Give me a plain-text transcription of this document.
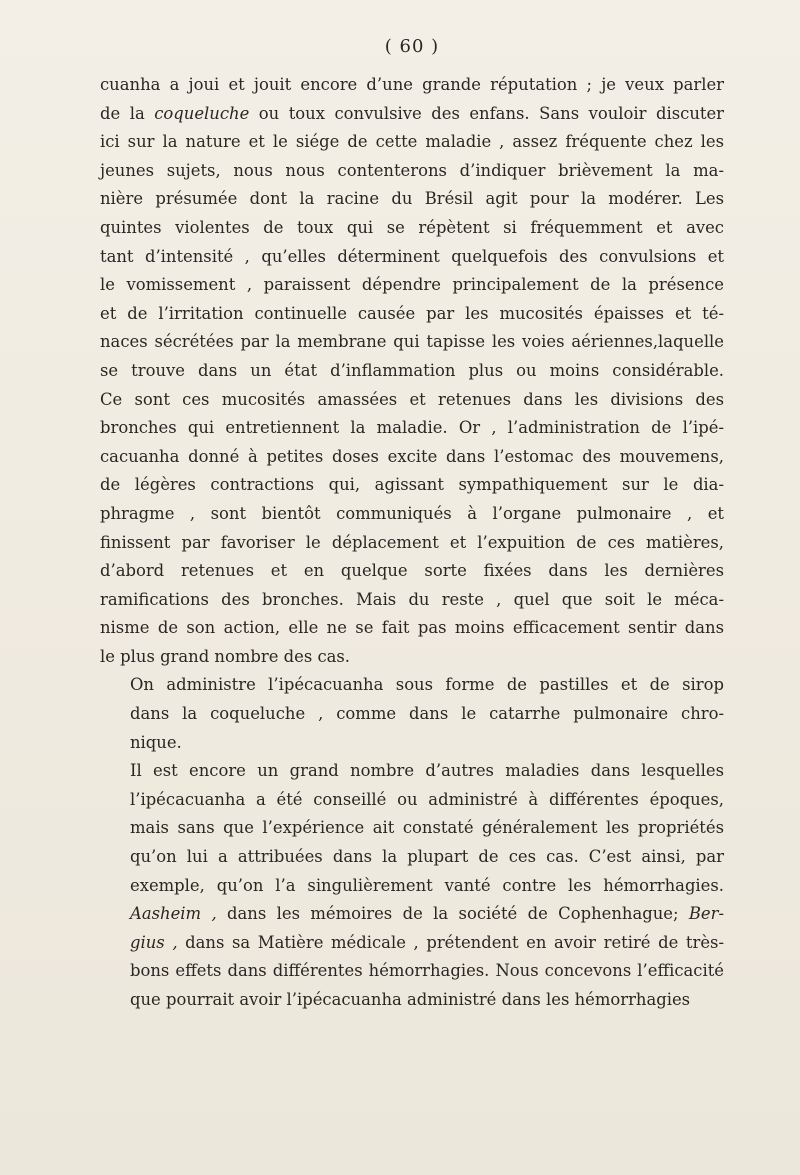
( 60 )

cuanha a joui et jouit encore d’une grande réputation ; je veux parler
de la coqueluche ou toux convulsive des enfans. Sans vouloir discuter
ici sur la nature et le siége de cette maladie , assez fréquente chez les
jeunes sujets, nous nous contenterons d’indiquer brièvement la ma-
nière présumée dont la racine du Brésil agit pour la modérer. Les
quintes violentes de toux qui se répètent si fréquemment et avec
tant d’intensité , qu’elles déterminent quelquefois des convulsions et
le vomissement , paraissent dépendre principalement de la présence
et de l’irritation continuelle causée par les mucosités épaisses et té-
naces sécrétées par la membrane qui tapisse les voies aériennes,laquelle
se trouve dans un état d’inflammation plus ou moins considérable.
Ce sont ces mucosités amassées et retenues dans les divisions des
bronches qui entretiennent la maladie. Or , l’administration de l’ipé-
cacuanha donné à petites doses excite dans l’estomac des mouvemens,
de légères contractions qui, agissant sympathiquement sur le dia-
phragme , sont bientôt communiqués à l’organe pulmonaire , et
finissent par favoriser le déplacement et l’expuition de ces matières,
d’abord retenues et en quelque sorte fixées dans les dernières
ramifications des bronches. Mais du reste , quel que soit le méca-
nisme de son action, elle ne se fait pas moins efficacement sentir dans
le plus grand nombre des cas.

On administre l’ipécacuanha sous forme de pastilles et de sirop
dans la coqueluche , comme dans le catarrhe pulmonaire chro-
nique.

Il est encore un grand nombre d’autres maladies dans lesquelles
l’ipécacuanha a été conseillé ou administré à différentes époques,
mais sans que l’expérience ait constaté généralement les propriétés
qu’on lui a attribuées dans la plupart de ces cas. C’est ainsi, par
exemple, qu’on l’a singulièrement vanté contre les hémorrhagies.
Aasheim , dans les mémoires de la société de Cophenhague; Ber-
gius , dans sa Matière médicale , prétendent en avoir retiré de très-
bons effets dans différentes hémorrhagies. Nous concevons l’efficacité
que pourrait avoir l’ipécacuanha administré dans les hémorrhagies
